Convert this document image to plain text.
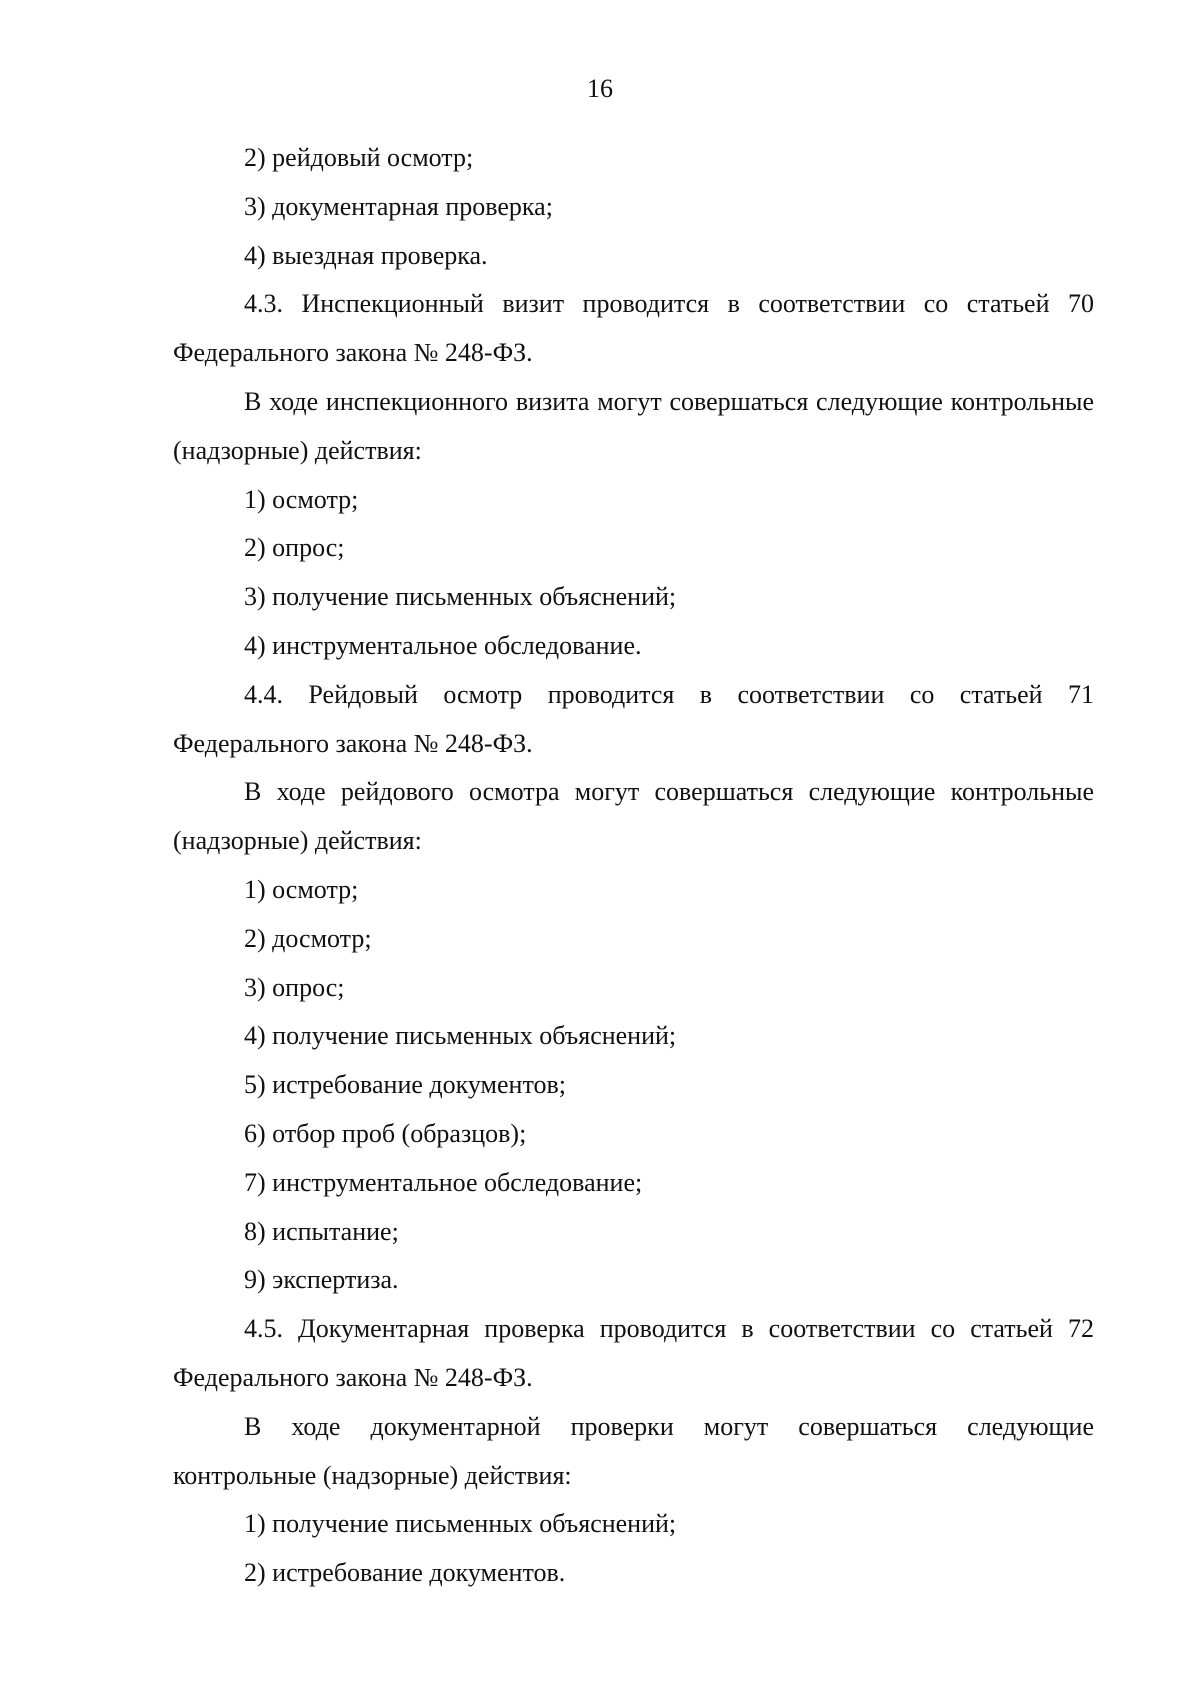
16

2) рейдовый осмотр;

3) документарная проверка;

4) выездная проверка.

4.3. Инспекционный визит проводится в соответствии со статьей 70 Федерального закона № 248-ФЗ.

В ходе инспекционного визита могут совершаться следующие контрольные (надзорные) действия:

1) осмотр;

2) опрос;

3) получение письменных объяснений;

4) инструментальное обследование.

4.4. Рейдовый осмотр проводится в соответствии со статьей 71 Федерального закона № 248-ФЗ.

В ходе рейдового осмотра могут совершаться следующие контрольные (надзорные) действия:

1) осмотр;

2) досмотр;

3) опрос;

4) получение письменных объяснений;

5) истребование документов;

6) отбор проб (образцов);

7) инструментальное обследование;

8) испытание;

9) экспертиза.

4.5. Документарная проверка проводится в соответствии со статьей 72 Федерального закона № 248-ФЗ.

В ходе документарной проверки могут совершаться следующие контрольные (надзорные) действия:

1) получение письменных объяснений;

2) истребование документов.
